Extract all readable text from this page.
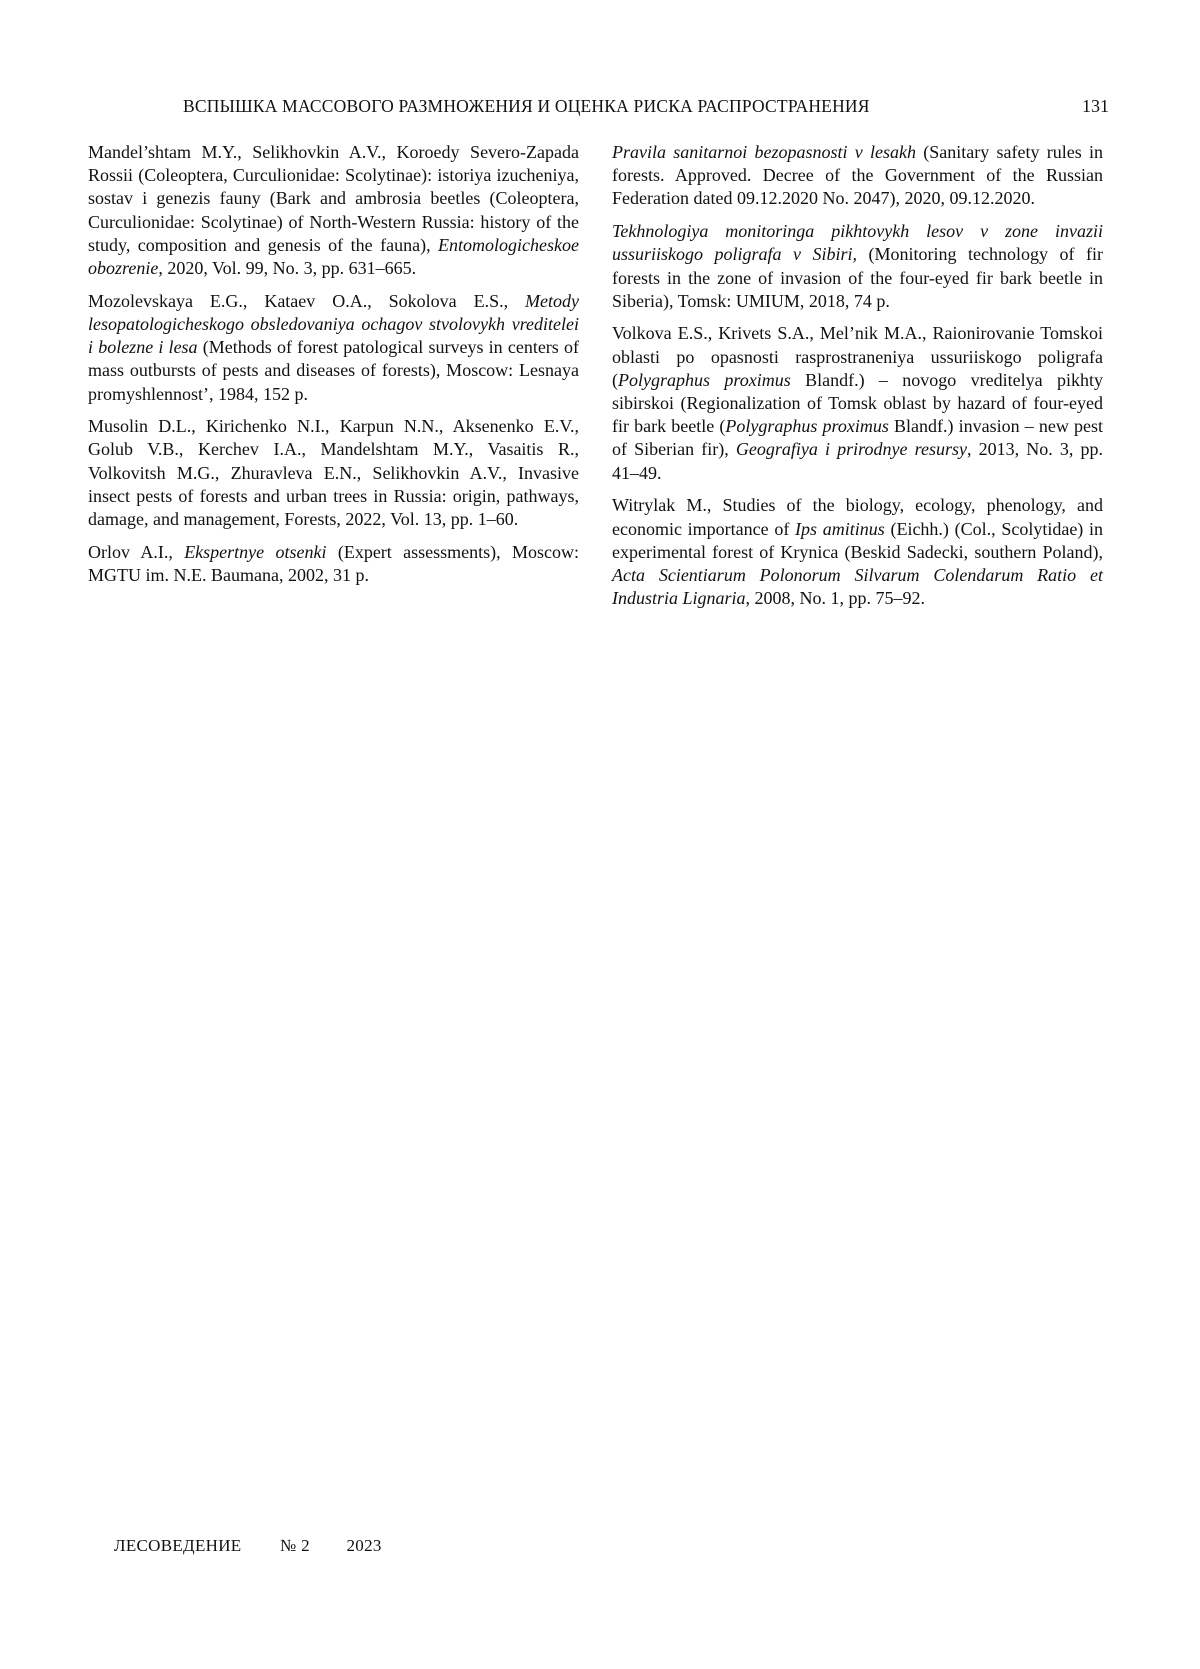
ВСПЫШКА МАССОВОГО РАЗМНОЖЕНИЯ И ОЦЕНКА РИСКА РАСПРОСТРАНЕНИЯ	131

Mandel’shtam M.Y., Selikhovkin A.V., Koroedy Severo-Zapada Rossii (Coleoptera, Curculionidae: Scolytinae): istoriya izucheniya, sostav i genezis fauny (Bark and ambrosia beetles (Coleoptera, Curculionidae: Scolytinae) of North-Western Russia: history of the study, composition and genesis of the fauna), Entomologicheskoe obozrenie, 2020, Vol. 99, No. 3, pp. 631–665.

Mozolevskaya E.G., Kataev O.A., Sokolova E.S., Metody lesopatologicheskogo obsledovaniya ochagov stvolovykh vreditelei i bolezne i lesa (Methods of forest patological surveys in centers of mass outbursts of pests and diseases of forests), Moscow: Lesnaya promyshlennost’, 1984, 152 p.

Musolin D.L., Kirichenko N.I., Karpun N.N., Aksenenko E.V., Golub V.B., Kerchev I.A., Mandelshtam M.Y., Vasaitis R., Volkovitsh M.G., Zhuravleva E.N., Selikhovkin A.V., Invasive insect pests of forests and urban trees in Russia: origin, pathways, damage, and management, Forests, 2022, Vol. 13, pp. 1–60.

Orlov A.I., Ekspertnye otsenki (Expert assessments), Moscow: MGTU im. N.E. Baumana, 2002, 31 p.

Pravila sanitarnoi bezopasnosti v lesakh (Sanitary safety rules in forests. Approved. Decree of the Government of the Russian Federation dated 09.12.2020 No. 2047), 2020, 09.12.2020.

Tekhnologiya monitoringa pikhtovykh lesov v zone invazii ussuriiskogo poligrafa v Sibiri, (Monitoring technology of fir forests in the zone of invasion of the four-eyed fir bark beetle in Siberia), Tomsk: UMIUM, 2018, 74 p.

Volkova E.S., Krivets S.A., Mel’nik M.A., Raionirovanie Tomskoi oblasti po opasnosti rasprostraneniya ussuriiskogo poligrafa (Polygraphus proximus Blandf.) – novogo vreditelya pikhty sibirskoi (Regionalization of Tomsk oblast by hazard of four-eyed fir bark beetle (Polygraphus proximus Blandf.) invasion – new pest of Siberian fir), Geografiya i prirodnye resursy, 2013, No. 3, pp. 41–49.

Witrylak M., Studies of the biology, ecology, phenology, and economic importance of Ips amitinus (Eichh.) (Col., Scolytidae) in experimental forest of Krynica (Beskid Sadecki, southern Poland), Acta Scientiarum Polonorum Silvarum Colendarum Ratio et Industria Lignaria, 2008, No. 1, pp. 75–92.

ЛЕСОВЕДЕНИЕ № 2 2023
